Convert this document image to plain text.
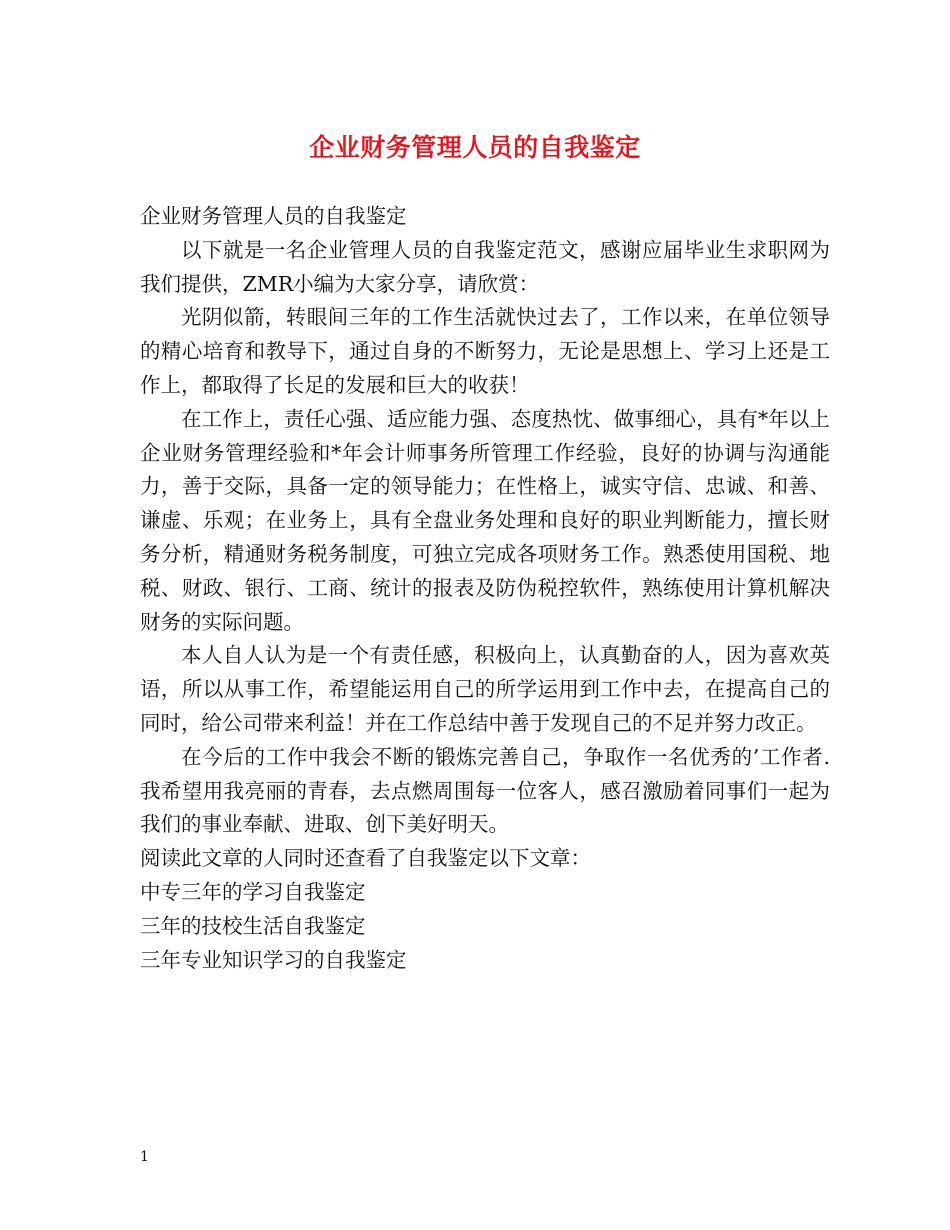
企业财务管理人员的自我鉴定

企业财务管理人员的自我鉴定

以下就是一名企业管理人员的自我鉴定范文，感谢应届毕业生求职网为我们提供，ZMR小编为大家分享，请欣赏：

光阴似箭，转眼间三年的工作生活就快过去了，工作以来，在单位领导的精心培育和教导下，通过自身的不断努力，无论是思想上、学习上还是工作上，都取得了长足的发展和巨大的收获！

在工作上，责任心强、适应能力强、态度热忱、做事细心，具有*年以上企业财务管理经验和*年会计师事务所管理工作经验，良好的协调与沟通能力，善于交际，具备一定的领导能力；在性格上，诚实守信、忠诚、和善、谦虚、乐观；在业务上，具有全盘业务处理和良好的职业判断能力，擅长财务分析，精通财务税务制度，可独立完成各项财务工作。熟悉使用国税、地税、财政、银行、工商、统计的报表及防伪税控软件，熟练使用计算机解决财务的实际问题。

本人自人认为是一个有责任感，积极向上，认真勤奋的人，因为喜欢英语，所以从事工作，希望能运用自己的所学运用到工作中去，在提高自己的同时，给公司带来利益！并在工作总结中善于发现自己的不足并努力改正。

在今后的工作中我会不断的锻炼完善自己，争取作一名优秀的’工作者. 我希望用我亮丽的青春，去点燃周围每一位客人，感召激励着同事们一起为我们的事业奉献、进取、创下美好明天。

阅读此文章的人同时还查看了自我鉴定以下文章：

中专三年的学习自我鉴定

三年的技校生活自我鉴定

三年专业知识学习的自我鉴定

1
